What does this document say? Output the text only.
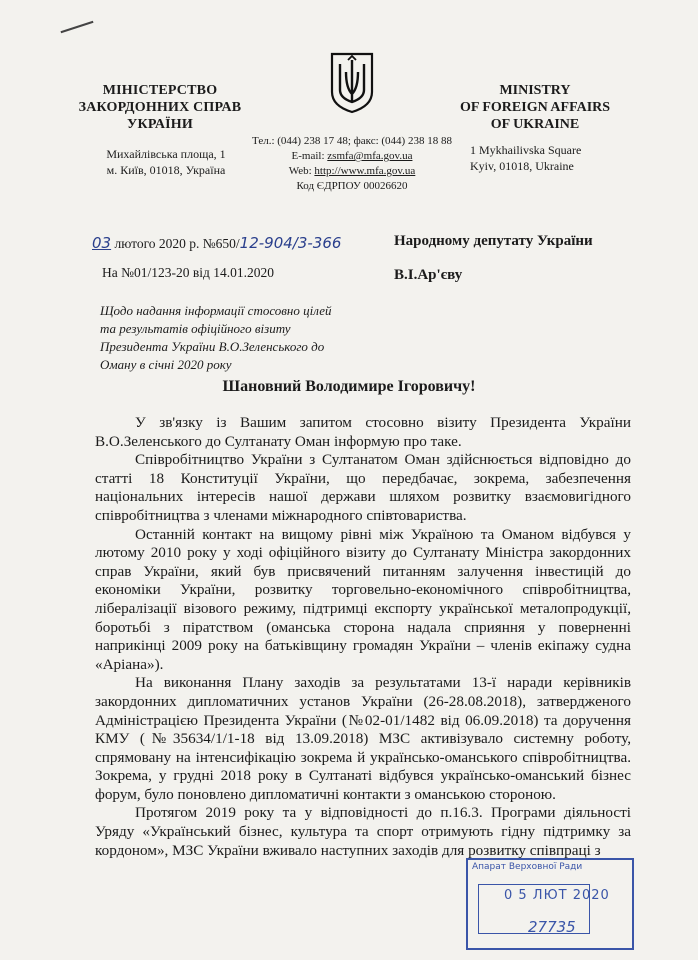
МІНІСТЕРСТВО
ЗАКОРДОННИХ СПРАВ
УКРАЇНИ
Михайлівська площа, 1
м. Київ, 01018, Україна
MINISTRY
OF FOREIGN AFFAIRS
OF UKRAINE
1 Mykhailivska Square
Kyiv, 01018, Ukraine
Тел.: (044) 238 17 48; факс: (044) 238 18 88
E-mail: zsmfa@mfa.gov.ua
Web: http://www.mfa.gov.ua
Код ЄДРПОУ 00026620
03 лютого 2020 р. №650/12-904/3-366
На №01/123-20 від 14.01.2020
Народному депутату України
В.І.Ар'єву
Щодо надання інформації стосовно цілей
та результатів офіційного візиту
Президента України В.О.Зеленського до
Оману в січні 2020 року
Шановний Володимире Ігоровичу!

У зв'язку із Вашим запитом стосовно візиту Президента України В.О.Зеленського до Султанату Оман інформую про таке.

Співробітництво України з Султанатом Оман здійснюється відповідно до статті 18 Конституції України, що передбачає, зокрема, забезпечення національних інтересів нашої держави шляхом розвитку взаємовигідного співробітництва з членами міжнародного співтовариства.

Останній контакт на вищому рівні між Україною та Оманом відбувся у лютому 2010 року у ході офіційного візиту до Султанату Міністра закордонних справ України, який був присвячений питанням залучення інвестицій до економіки України, розвитку торговельно-економічного співробітництва, лібералізації візового режиму, підтримці експорту української металопродукції, боротьбі з піратством (оманська сторона надала сприяння у поверненні наприкінці 2009 року на батьківщину громадян України – членів екіпажу судна «Аріана»).

На виконання Плану заходів за результатами 13-ї наради керівників закордонних дипломатичних установ України (26-28.08.2018), затвердженого Адміністрацією Президента України (№02-01/1482 від 06.09.2018) та доручення КМУ (№35634/1/1-18 від 13.09.2018) МЗС активізувало системну роботу, спрямовану на інтенсифікацію зокрема й українсько-оманського співробітництва. Зокрема, у грудні 2018 року в Султанаті відбувся українсько-оманський бізнес форум, було поновлено дипломатичні контакти з оманською стороною.

Протягом 2019 року та у відповідності до п.16.3. Програми діяльності Уряду «Український бізнес, культура та спорт отримують гідну підтримку за кордоном», МЗС України вживало наступних заходів для розвитку співпраці з

Апарат Верховної Ради
0 5 ЛЮТ 2020
27735
